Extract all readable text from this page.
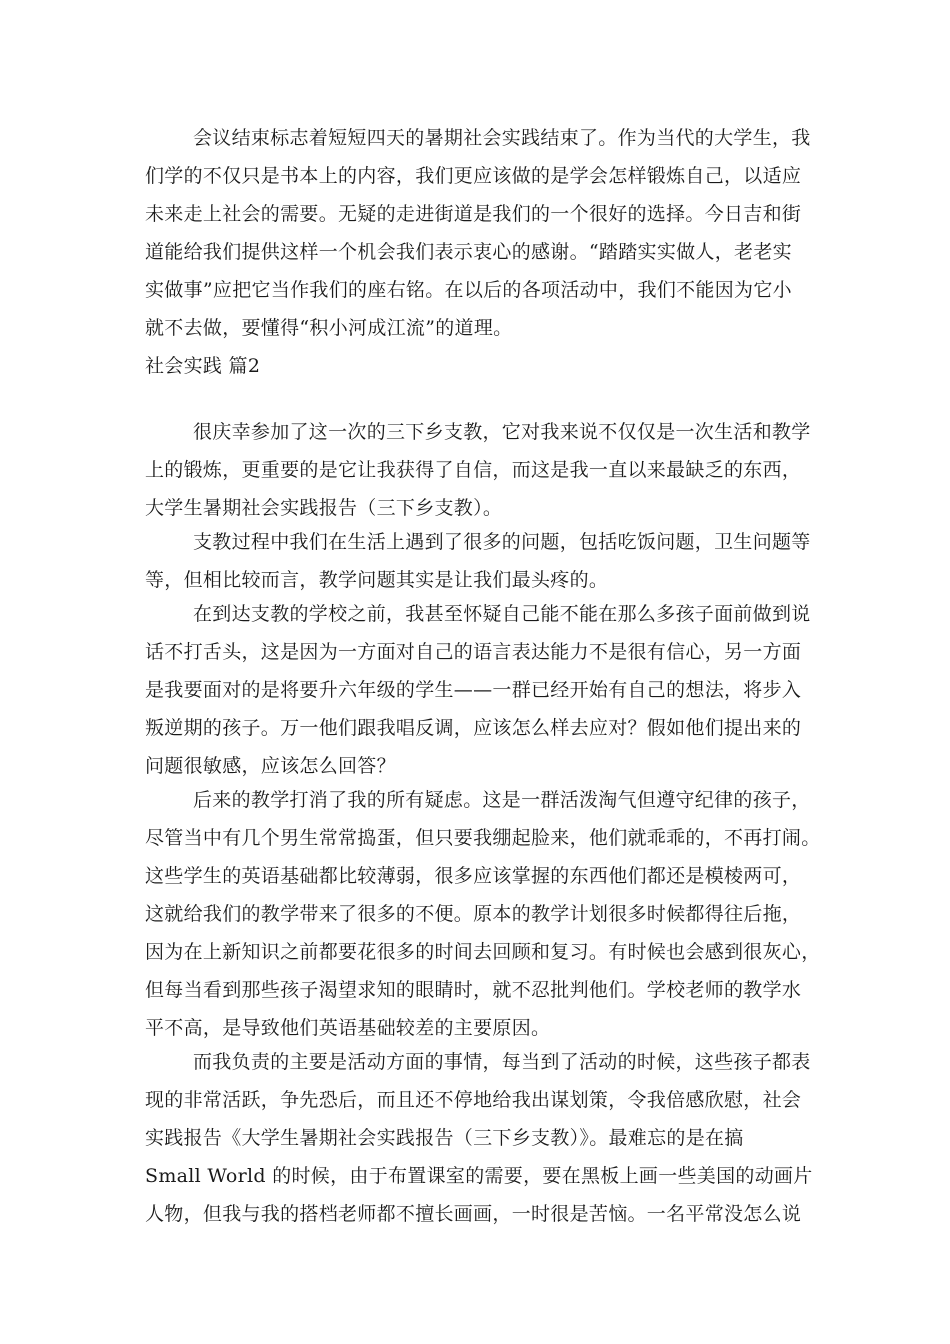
会议结束标志着短短四天的暑期社会实践结束了。作为当代的大学生，我
们学的不仅只是书本上的内容，我们更应该做的是学会怎样锻炼自己，以适应
未来走上社会的需要。无疑的走进街道是我们的一个很好的选择。今日吉和街
道能给我们提供这样一个机会我们表示衷心的感谢。“踏踏实实做人，老老实
实做事”应把它当作我们的座右铭。在以后的各项活动中，我们不能因为它小
就不去做，要懂得“积小河成江流”的道理。
社会实践 篇2
很庆幸参加了这一次的三下乡支教，它对我来说不仅仅是一次生活和教学
上的锻炼，更重要的是它让我获得了自信，而这是我一直以来最缺乏的东西，
大学生暑期社会实践报告（三下乡支教）。
支教过程中我们在生活上遇到了很多的问题，包括吃饭问题，卫生问题等
等，但相比较而言，教学问题其实是让我们最头疼的。
在到达支教的学校之前，我甚至怀疑自己能不能在那么多孩子面前做到说
话不打舌头，这是因为一方面对自己的语言表达能力不是很有信心，另一方面
是我要面对的是将要升六年级的学生——一群已经开始有自己的想法，将步入
叛逆期的孩子。万一他们跟我唱反调，应该怎么样去应对？假如他们提出来的
问题很敏感，应该怎么回答？
后来的教学打消了我的所有疑虑。这是一群活泼淘气但遵守纪律的孩子，
尽管当中有几个男生常常捣蛋，但只要我绷起脸来，他们就乖乖的，不再打闹。
这些学生的英语基础都比较薄弱，很多应该掌握的东西他们都还是模棱两可，
这就给我们的教学带来了很多的不便。原本的教学计划很多时候都得往后拖，
因为在上新知识之前都要花很多的时间去回顾和复习。有时候也会感到很灰心，
但每当看到那些孩子渴望求知的眼睛时，就不忍批判他们。学校老师的教学水
平不高，是导致他们英语基础较差的主要原因。
而我负责的主要是活动方面的事情，每当到了活动的时候，这些孩子都表
现的非常活跃，争先恐后，而且还不停地给我出谋划策，令我倍感欣慰，社会
实践报告《大学生暑期社会实践报告（三下乡支教）》。最难忘的是在搞
Small World 的时候，由于布置课室的需要，要在黑板上画一些美国的动画片
人物，但我与我的搭档老师都不擅长画画，一时很是苦恼。一名平常没怎么说
